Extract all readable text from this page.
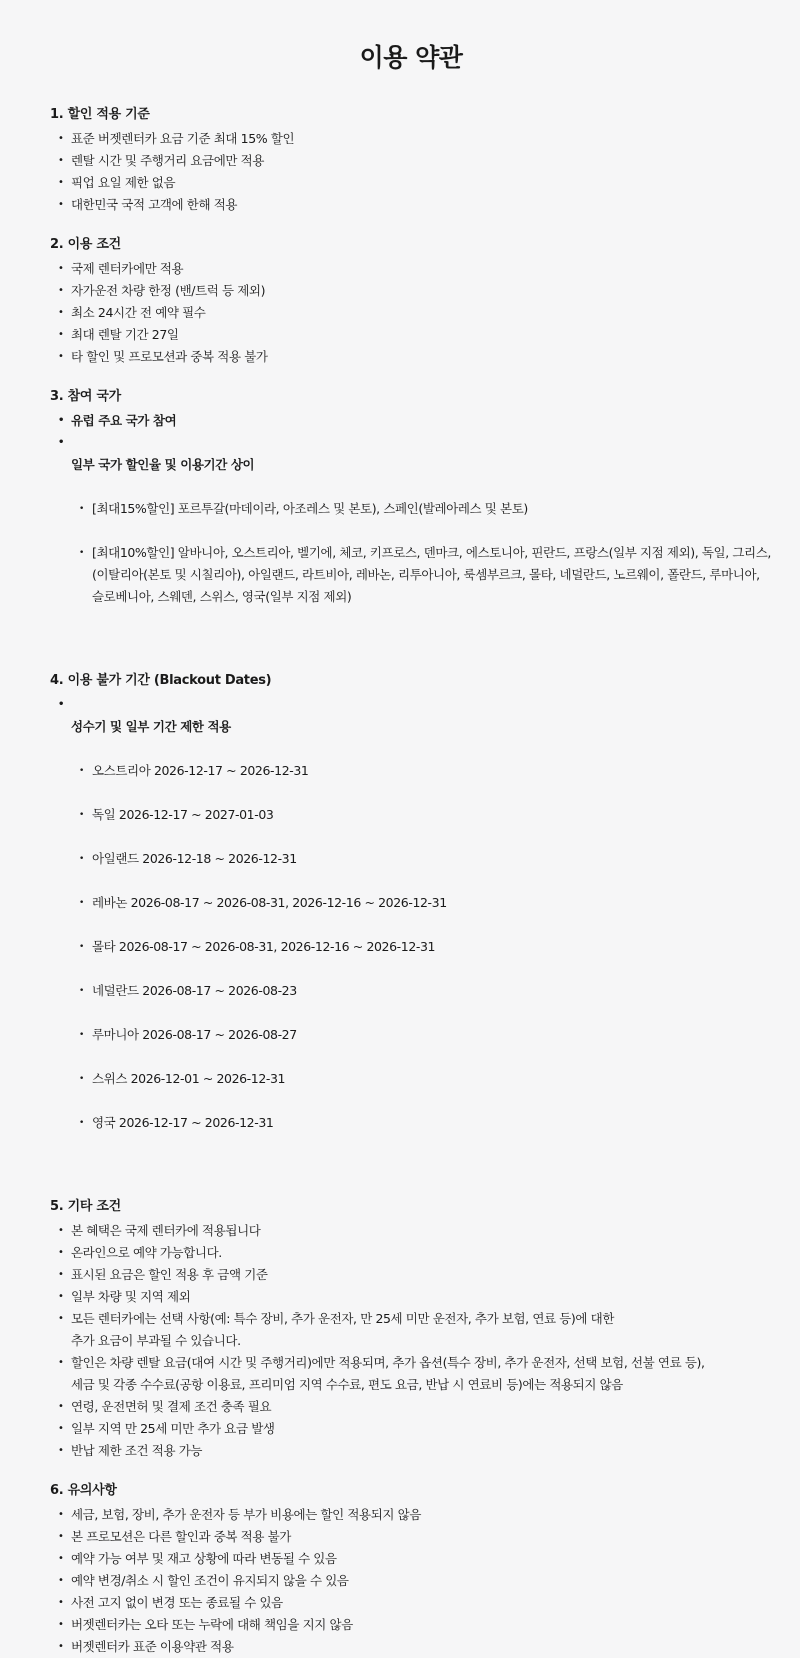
이용 약관
1. 할인 적용 기준
• 표준 버젯렌터카 요금 기준 최대 15% 할인
• 렌탈 시간 및 주행거리 요금에만 적용
• 픽업 요일 제한 없음
• 대한민국 국적 고객에 한해 적용
2. 이용 조건
• 국제 렌터카에만 적용
• 자가운전 차량 한정 (밴/트럭 등 제외)
• 최소 24시간 전 예약 필수
• 최대 렌탈 기간 27일
• 타 할인 및 프로모션과 중복 적용 불가
3. 참여 국가
• 유럽 주요 국가 참여

• 일부 국가 할인율 및 이용기간 상이

• [최대15%할인] 포르투갈(마데이라, 아조레스 및 본토), 스페인(발레아레스 및 본토)

• [최대10%할인] 알바니아, 오스트리아, 벨기에, 체코, 키프로스, 덴마크, 에스토니아, 핀란드, 프랑스(일부 지점 제외), 독일, 그리스,
(이탈리아(본토 및 시칠리아), 아일랜드, 라트비아, 레바논, 리투아니아, 룩셈부르크, 몰타, 네덜란드, 노르웨이, 폴란드, 루마니아,
슬로베니아, 스웨덴, 스위스, 영국(일부 지점 제외)

4. 이용 불가 기간 (Blackout Dates)

• 성수기 및 일부 기간 제한 적용

• 오스트리아 2026-12-17 ~ 2026-12-31

• 독일 2026-12-17 ~ 2027-01-03

• 아일랜드 2026-12-18 ~ 2026-12-31

• 레바논 2026-08-17 ~ 2026-08-31, 2026-12-16 ~ 2026-12-31

• 몰타 2026-08-17 ~ 2026-08-31, 2026-12-16 ~ 2026-12-31

• 네덜란드 2026-08-17 ~ 2026-08-23

• 루마니아 2026-08-17 ~ 2026-08-27

• 스위스 2026-12-01 ~ 2026-12-31

• 영국 2026-12-17 ~ 2026-12-31

5. 기타 조건
• 본 혜택은 국제 렌터카에 적용됩니다
• 온라인으로 예약 가능합니다.
• 표시된 요금은 할인 적용 후 금액 기준
• 일부 차량 및 지역 제외
• 모든 렌터카에는 선택 사항(예: 특수 장비, 추가 운전자, 만 25세 미만 운전자, 추가 보험, 연료 등)에 대한
추가 요금이 부과될 수 있습니다.
• 할인은 차량 렌탈 요금(대여 시간 및 주행거리)에만 적용되며, 추가 옵션(특수 장비, 추가 운전자, 선택 보험, 선불 연료 등),
세금 및 각종 수수료(공항 이용료, 프리미엄 지역 수수료, 편도 요금, 반납 시 연료비 등)에는 적용되지 않음
• 연령, 운전면허 및 결제 조건 충족 필요
• 일부 지역 만 25세 미만 추가 요금 발생
• 반납 제한 조건 적용 가능
6. 유의사항
• 세금, 보험, 장비, 추가 운전자 등 부가 비용에는 할인 적용되지 않음
• 본 프로모션은 다른 할인과 중복 적용 불가
• 예약 가능 여부 및 재고 상황에 따라 변동될 수 있음
• 예약 변경/취소 시 할인 조건이 유지되지 않을 수 있음
• 사전 고지 없이 변경 또는 종료될 수 있음
• 버젯렌터카는 오타 또는 누락에 대해 책임을 지지 않음
• 버젯렌터카 표준 이용약관 적용
